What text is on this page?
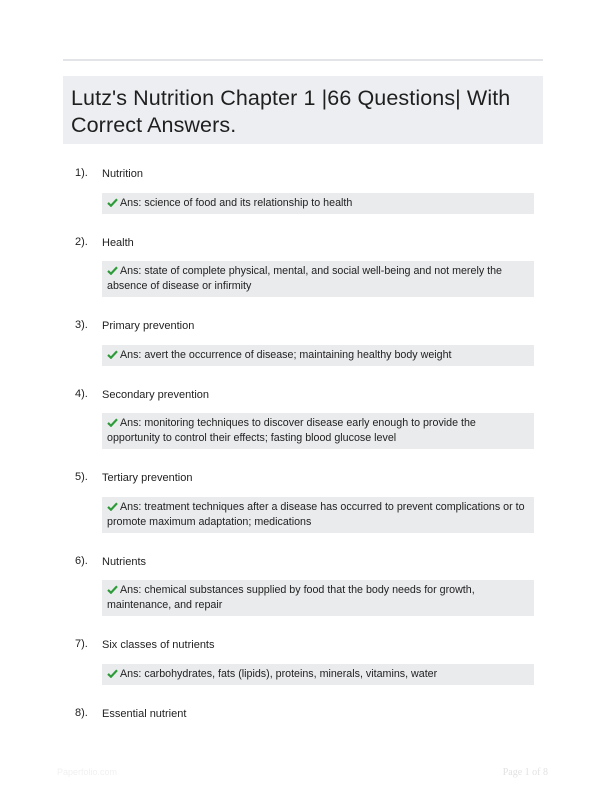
Lutz's Nutrition Chapter 1 |66 Questions| With Correct Answers.
1). Nutrition
Ans: science of food and its relationship to health
2). Health
Ans: state of complete physical, mental, and social well-being and not merely the absence of disease or infirmity
3). Primary prevention
Ans: avert the occurrence of disease; maintaining healthy body weight
4). Secondary prevention
Ans: monitoring techniques to discover disease early enough to provide the opportunity to control their effects; fasting blood glucose level
5). Tertiary prevention
Ans: treatment techniques after a disease has occurred to prevent complications or to promote maximum adaptation; medications
6). Nutrients
Ans: chemical substances supplied by food that the body needs for growth, maintenance, and repair
7). Six classes of nutrients
Ans: carbohydrates, fats (lipids), proteins, minerals, vitamins, water
8). Essential nutrient
Paperfolio.com	Page 1 of 8
